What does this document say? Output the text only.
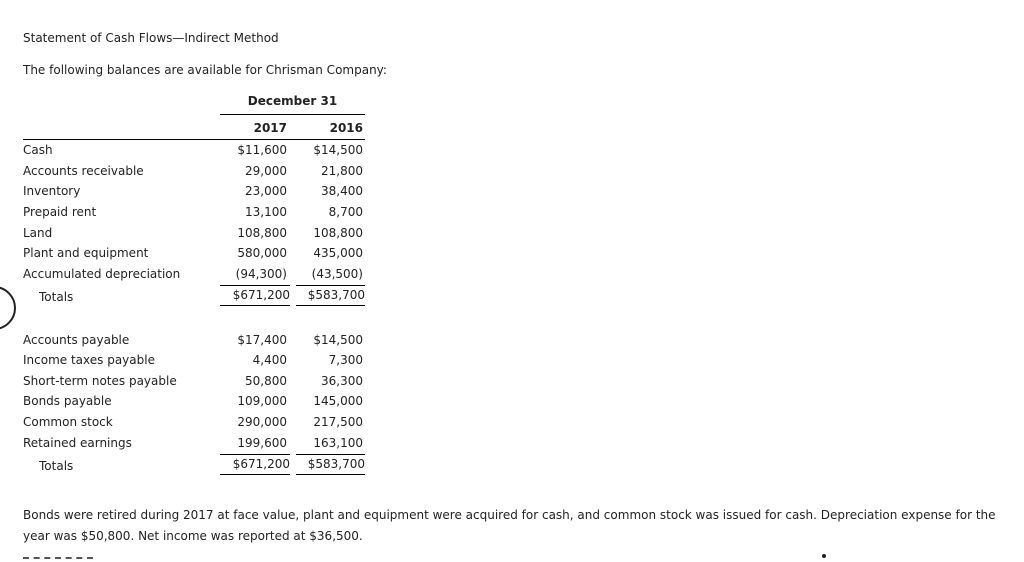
Statement of Cash Flows—Indirect Method
The following balances are available for Chrisman Company:
December 31
2017	2016
Cash	$11,600	$14,500
Accounts receivable	29,000	21,800
Inventory	23,000	38,400
Prepaid rent	13,100	8,700
Land	108,800	108,800
Plant and equipment	580,000	435,000
Accumulated depreciation	(94,300)	(43,500)
Totals	$671,200	$583,700
Accounts payable	$17,400	$14,500
Income taxes payable	4,400	7,300
Short-term notes payable	50,800	36,300
Bonds payable	109,000	145,000
Common stock	290,000	217,500
Retained earnings	199,600	163,100
Totals	$671,200	$583,700
Bonds were retired during 2017 at face value, plant and equipment were acquired for cash, and common stock was issued for cash. Depreciation expense for the year was $50,800. Net income was reported at $36,500.
